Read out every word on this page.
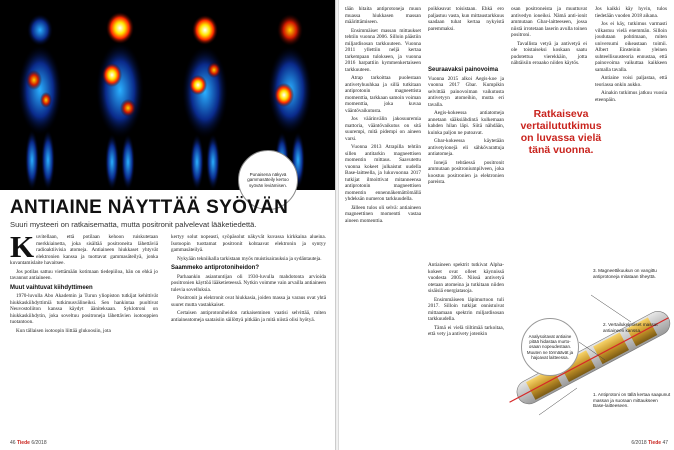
Punaisena näkyvä gammasäteily kertoo syövän leviämisen.
ANTIAINE NÄYTTÄÄ SYÖVÄN
Suuri mysteeri on ratkaisematta, mutta positronit palvelevat lääketiedettä.

Kuvitellaan, että potilaan kehoon ruiskutetaan merkkiainetta, joka sisältää positroneita lähettäviä radioaktiivisia atomeja. Antiaineen hiukkaset yhtyvät elektronien kanssa ja tuottavat gammasäteilyä, jonka kuvantamislaite havaitsee.

Jos potilas sattuu viettämään kotimaan tiedepiiloa, hän on ehkä jo tavannut antiaineen.

Muut vaihtuvat kiihdyttimeen

1970-luvulla Abo Akademin ja Turun yliopiston tutkijat kehittivät hiukkaskiihdyttimiä tutkimusvälineiksi. Sen hankintaa puoltivat Neuvostoliiton kanssa käydyt ääniteksaan. Syklotroni on hiukkaskiihdytin, joka soveltuu positroneja lähettävien isotooppien tuotantoon.

Kun tällaisen isotoopin liittää glukoosiin, jota

kertyy solut nopeasti, syöpäsolut näkyvät kuvassa kirkkaina alueina. Isotoopin tuottamat positronit kohtaavat elektronin ja syntyy gammasäteilyä.

Nykyään tekniikalla tarkistaan myös muistisairauksia ja sydäntauteja.

Saammeko antiprotoniheidon?

Parhaankin asiantuntijan oli 1930-luvulla mahdotonta arvioida positronien käyttöä lääketieteessä. Nytkin voimme vain arvailla antiaineen tulevia sovelluksia.

Positronit ja elektronit ovat hiukkasia, joiden massa ja varaus ovat yhtä suuret mutta vastakkaiset.

Certaisen antiprotoniheidon ratkaiseminen vaatisi selvittää, miten antiaineatomeja saataisiin säilöttyä pitkään ja mitä niistä olisi hyötyä.

46 Tiede 6/2018

tään hitaita antiprotoneja muun muassa hiukkasen massan määrittämiseen.

Ensimmäiset massan mittaukset tehtiin vuonna 2006. Silloin päästiin miljardisosan tarkkuuteen. Vuonna 2011 yllettiin neljä kertaa tarkempaan tulokseen, ja vuonna 2016 harpattiin kymmenkertaiseen tarkkuuteen.

Atrap tarkoittaa puolestaan antivetyhuuhkaa ja sillä tutkitaan antiprotonin magneettista momenttia, tarkkaan samoin voiman momenttia, joka kuvaa vääntövaikutusta.

Jos väärinvälin jakosuuremia mattoria, vääntövaikutus on sitä suurempi, mitä pidempi on aineen varsi.

Vuonna 2013 Atrapilla tehtiin sillen antitarkin magneettisen momentin mittaus. Saavutettu vuonna kokeet julkaistut uudella Base-laitteella, ja lukuvuonna 2017 tutkijat ilmoittivat mitanneensa antiprotonin magneettisen momentin ennennäkemättömällä yhdeksän numeron tarkkuudella.

Jälleen tulos oli selvä: antiaineen magneettinen momentti vastaa aineen momenttia.

Antiaineen spektrit tutkivat Alpha-kokeet ovat olleet käynnissä vuodesta 2005. Niissä antivetyä otetaan atomeina ja tutkitaan niiden sisäisiä energiatasoja.

Ensimmäiseen läpimurtoon tuli 2017. Silloin tutkijat onnistuivat mittaamaan spektrin miljardisosan tarkkuudella.

Tämä ei vielä tiiltimää tarkoitaa, että vety ja antivety jotenkin

poikkeavat toisistaan. Ehkä ero paljastuu vasta, kun mittaustarkkuus saadaan tuhat kertaa nykyistä paremmaksi.

Seuraavaksi painovoima

Vuonna 2015 alkoi Aegis-koe ja vuonna 2017 Gbar. Kumpikin selvittää painovoiman vaikutusta antivetyyn atomeihin, mutta eri tavalla.

Aegis-kokeessa antiatomeja annetaan sääksiähdintä kulkemaan kahden hilan läpi. Siitä nähdään, kuinka paljon ne putoavat.

Gbar-kokeessa käytetään antivetyionejä eli sähkövarattuja antiatomeja.

Ionejä tehtäessä positronit ammutaan positroniumpilveen, joka koostuu positronien ja elektronien pareista.

osan positroneista ja muuttuvat antivedyn ioneiksi. Nämä anti-ionit ammutaan Gbar-laitteeseen, jossa niistä irrotetaan laserin avulla toinen positroni.

Tavallista vetyä ja antivetyä ei ole toistaiseksi koskaan saatu pudotettua vierekkäin, jotta nähtäisiin eroaako niiden käytös.

Jos kaikki käy hyvin, tulos tiedetään vuoden 2018 aikana.

Jos ei käy, tutkimus varmasti vilkastuu vielä enemmän. Silloin joudutaan pohtimaan, miten universumi oikeastaan toimii. Albert Einsteinin yleinen suhteellisuusteoria ennustaa, että painovoima vaikuttaa kaikkeen samalla tavalla.

Antiaine voisi paljastaa, että teoriassa onkin aukko.

Ainakin tutkimus jatkuu vuosia eteenpäin.

Ratkaiseva vertailututkimus on luvassa vielä tänä vuonna.
Analysoitavat antiaine pitää hidastaa murto-osaan nopeudestaan. Muuten ne törmäävät ja hajoavat laitteessa.
3. Magneettikuukun on vangittu antiprotoneja mitataan tiheyttä.
2. Vertailukelpoiset massat antiaineen kanssa.
1. Antiprotoni on tällä kertaa saapunut massan ja suoraan mittaukseen Base-laitteeseen.
6/2018 Tiede 47
